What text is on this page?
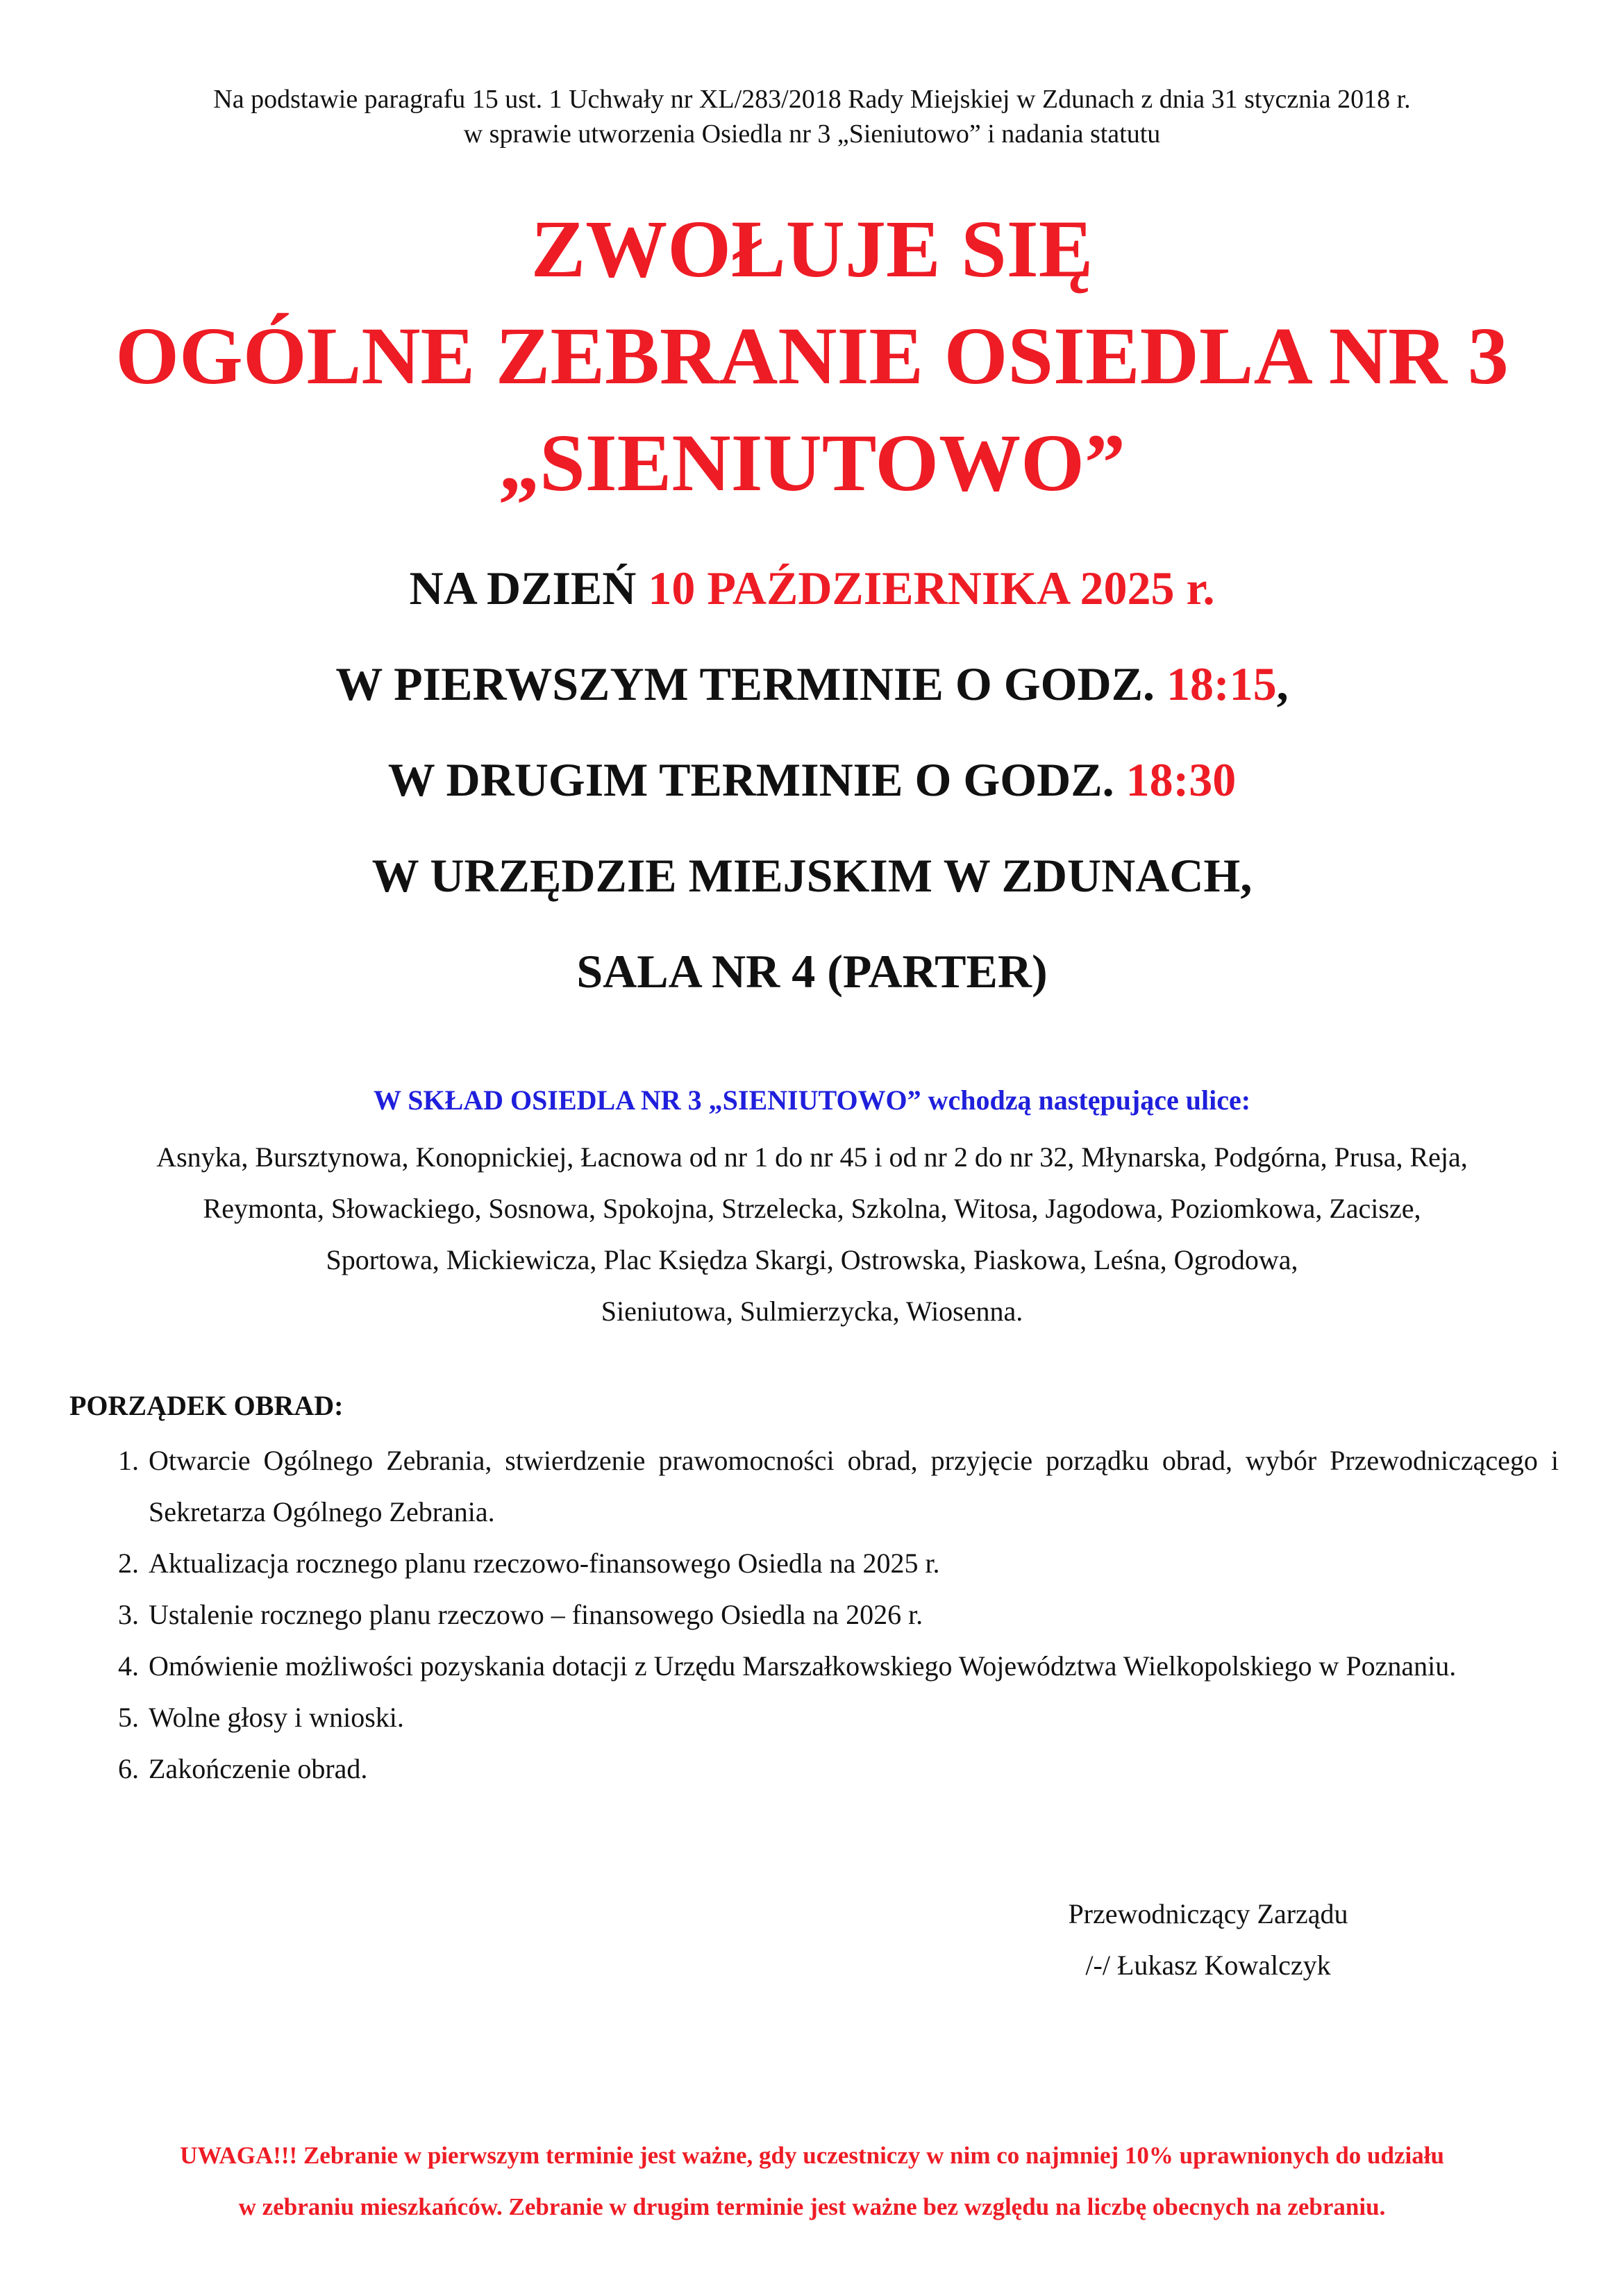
Na podstawie paragrafu 15 ust. 1 Uchwały nr XL/283/2018 Rady Miejskiej w Zdunach z dnia 31 stycznia 2018 r.
w sprawie utworzenia Osiedla nr 3 „Sieniutowo” i nadania statutu
ZWOŁUJE SIĘ
OGÓLNE ZEBRANIE OSIEDLA NR 3
„SIENIUTOWO”
NA DZIEŃ 10 PAŹDZIERNIKA 2025 r.
W PIERWSZYM TERMINIE O GODZ. 18:15,
W DRUGIM TERMINIE O GODZ. 18:30
W URZĘDZIE MIEJSKIM W ZDUNACH,
SALA NR 4 (PARTER)
W SKŁAD OSIEDLA NR 3 „SIENIUTOWO” wchodzą następujące ulice:
Asnyka, Bursztynowa, Konopnickiej, Łacnowa od nr 1 do nr 45 i od nr 2 do nr 32, Młynarska, Podgórna, Prusa, Reja,
Reymonta, Słowackiego, Sosnowa, Spokojna, Strzelecka, Szkolna, Witosa, Jagodowa, Poziomkowa, Zacisze,
Sportowa, Mickiewicza, Plac Księdza Skargi, Ostrowska, Piaskowa, Leśna, Ogrodowa,
Sieniutowa, Sulmierzycka, Wiosenna.
PORZĄDEK OBRAD:
1. Otwarcie Ogólnego Zebrania, stwierdzenie prawomocności obrad, przyjęcie porządku obrad, wybór Przewodniczącego i Sekretarza Ogólnego Zebrania.
2. Aktualizacja rocznego planu rzeczowo-finansowego Osiedla na 2025 r.
3. Ustalenie rocznego planu rzeczowo – finansowego Osiedla na 2026 r.
4. Omówienie możliwości pozyskania dotacji z Urzędu Marszałkowskiego Województwa Wielkopolskiego w Poznaniu.
5. Wolne głosy i wnioski.
6. Zakończenie obrad.
Przewodniczący Zarządu
/-/ Łukasz Kowalczyk
UWAGA!!! Zebranie w pierwszym terminie jest ważne, gdy uczestniczy w nim co najmniej 10% uprawnionych do udziału
w zebraniu mieszkańców. Zebranie w drugim terminie jest ważne bez względu na liczbę obecnych na zebraniu.
